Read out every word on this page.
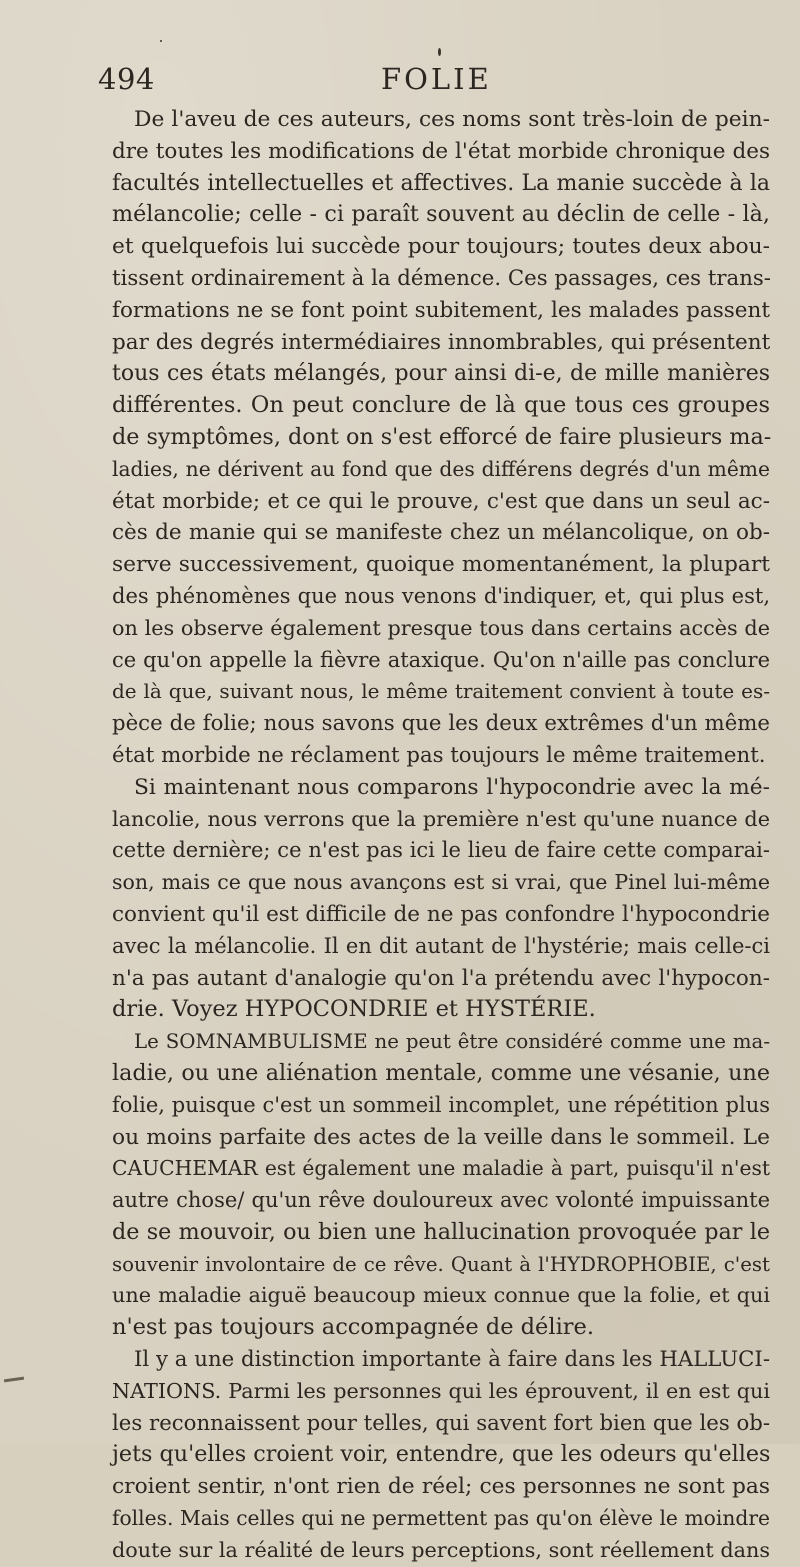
494	FOLIE
De l'aveu de ces auteurs, ces noms sont très-loin de pein-
dre toutes les modifications de l'état morbide chronique des
facultés intellectuelles et affectives. La manie succède à la
mélancolie; celle - ci paraît souvent au déclin de celle - là,
et quelquefois lui succède pour toujours; toutes deux abou-
tissent ordinairement à la démence. Ces passages, ces trans-
formations ne se font point subitement, les malades passent
par des degrés intermédiaires innombrables, qui présentent
tous ces états mélangés, pour ainsi di-e, de mille manières
différentes. On peut conclure de là que tous ces groupes
de symptômes, dont on s'est efforcé de faire plusieurs ma-
ladies, ne dérivent au fond que des différens degrés d'un même
état morbide; et ce qui le prouve, c'est que dans un seul ac-
cès de manie qui se manifeste chez un mélancolique, on ob-
serve successivement, quoique momentanément, la plupart
des phénomènes que nous venons d'indiquer, et, qui plus est,
on les observe également presque tous dans certains accès de
ce qu'on appelle la fièvre ataxique. Qu'on n'aille pas conclure
de là que, suivant nous, le même traitement convient à toute es-
pèce de folie; nous savons que les deux extrêmes d'un même
état morbide ne réclament pas toujours le même traitement.
Si maintenant nous comparons l'hypocondrie avec la mé-
lancolie, nous verrons que la première n'est qu'une nuance de
cette dernière; ce n'est pas ici le lieu de faire cette comparai-
son, mais ce que nous avançons est si vrai, que Pinel lui-même
convient qu'il est difficile de ne pas confondre l'hypocondrie
avec la mélancolie. Il en dit autant de l'hystérie; mais celle-ci
n'a pas autant d'analogie qu'on l'a prétendu avec l'hypocon-
drie. Voyez HYPOCONDRIE et HYSTÉRIE.
Le SOMNAMBULISME ne peut être considéré comme une ma-
ladie, ou une aliénation mentale, comme une vésanie, une
folie, puisque c'est un sommeil incomplet, une répétition plus
ou moins parfaite des actes de la veille dans le sommeil. Le
CAUCHEMAR est également une maladie à part, puisqu'il n'est
autre chose/ qu'un rêve douloureux avec volonté impuissante
de se mouvoir, ou bien une hallucination provoquée par le
souvenir involontaire de ce rêve. Quant à l'HYDROPHOBIE, c'est
une maladie aiguë beaucoup mieux connue que la folie, et qui
n'est pas toujours accompagnée de délire.
Il y a une distinction importante à faire dans les HALLUCI-
NATIONS. Parmi les personnes qui les éprouvent, il en est qui
les reconnaissent pour telles, qui savent fort bien que les ob-
jets qu'elles croient voir, entendre, que les odeurs qu'elles
croient sentir, n'ont rien de réel; ces personnes ne sont pas
folles. Mais celles qui ne permettent pas qu'on élève le moindre
doute sur la réalité de leurs perceptions, sont réellement dans
